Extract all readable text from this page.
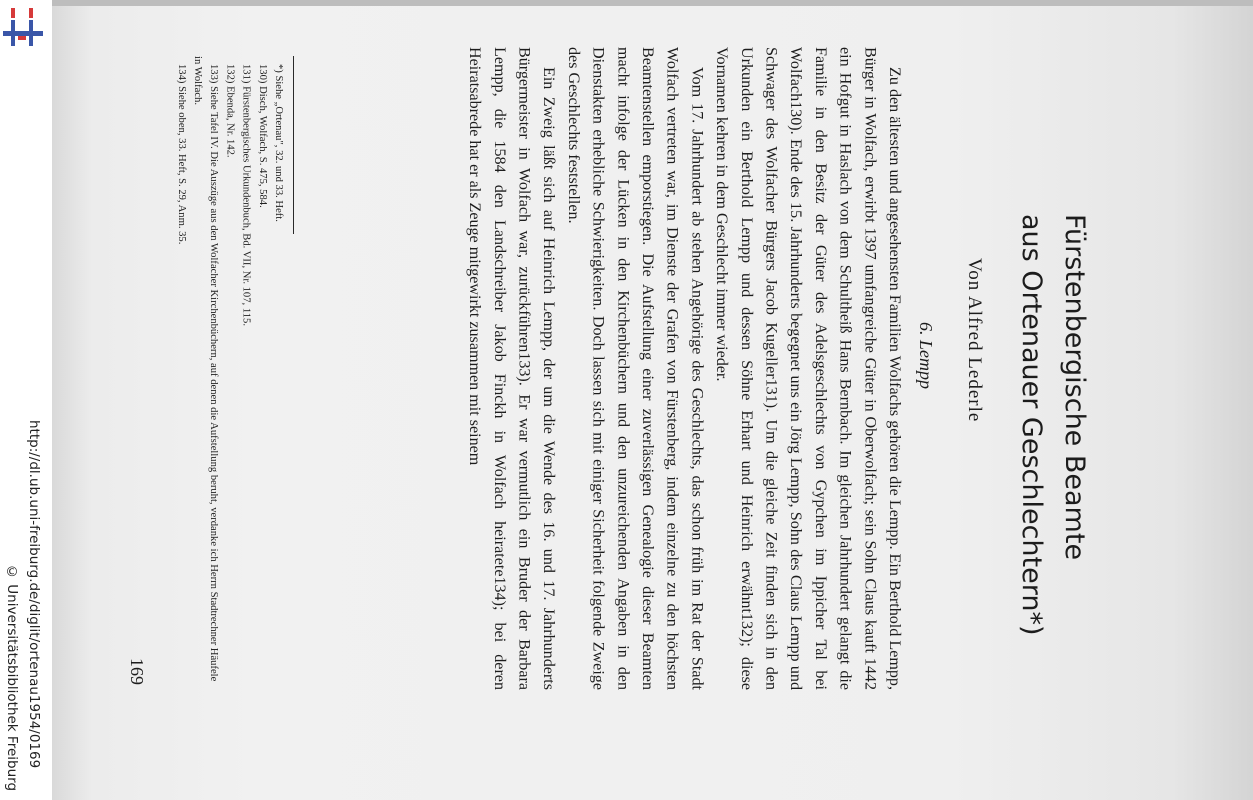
http://dl.ub.uni-freiburg.de/diglit/ortenau1954/0169
© Universitätsbibliothek Freiburg
Fürstenbergische Beamte
aus Ortenauer Geschlechtern*)
Von Alfred Lederle
6. Lempp

Zu den ältesten und angesehensten Familien Wolfachs gehören die Lempp. Ein Berthold Lempp, Bürger in Wolfach, erwirbt 1397 umfangreiche Güter in Oberwolfach; sein Sohn Claus kauft 1442 ein Hofgut in Haslach von dem Schultheiß Hans Bernbach. Im gleichen Jahrhundert gelangt die Familie in den Besitz der Güter des Adelsgeschlechts von Gypchen im Ippicher Tal bei Wolfach130). Ende des 15. Jahrhunderts begegnet uns ein Jörg Lempp, Sohn des Claus Lempp und Schwager des Wolfacher Bürgers Jacob Kugeller131). Um die gleiche Zeit finden sich in den Urkunden ein Berthold Lempp und dessen Söhne Erhart und Heinrich erwähnt132); diese Vornamen kehren in dem Geschlecht immer wieder.

Vom 17. Jahrhundert ab stehen Angehörige des Geschlechts, das schon früh im Rat der Stadt Wolfach vertreten war, im Dienste der Grafen von Fürstenberg, indem einzelne zu den höchsten Beamtenstellen emporstiegen. Die Aufstellung einer zuverlässigen Genealogie dieser Beamten macht infolge der Lücken in den Kirchenbüchern und den unzureichenden Angaben in den Dienstakten erhebliche Schwierigkeiten. Doch lassen sich mit einiger Sicherheit folgende Zweige des Geschlechts feststellen.

Ein Zweig läßt sich auf Heinrich Lempp, der um die Wende des 16. und 17. Jahrhunderts Bürgermeister in Wolfach war, zurückführen133). Er war vermutlich ein Bruder der Barbara Lempp, die 1584 den Landschreiber Jakob Finckh in Wolfach heiratete134); bei deren Heiratsabrede hat er als Zeuge mitgewirkt zusammen mit seinem

*) Siehe „Ortenau", 32. und 33. Heft.

130) Disch, Wolfach, S. 475, 584.

131) Fürstenbergisches Urkundenbuch, Bd. VII, Nr. 107, 115.

132) Ebenda, Nr. 142.

133) Siehe Tafel IV. Die Auszüge aus den Wolfacher Kirchenbüchern, auf denen die Aufstellung beruht, verdanke ich Herrn Stadtrechner Häufele in Wolfach.

134) Siehe oben, 33. Heft, S. 29, Anm. 35.

169
